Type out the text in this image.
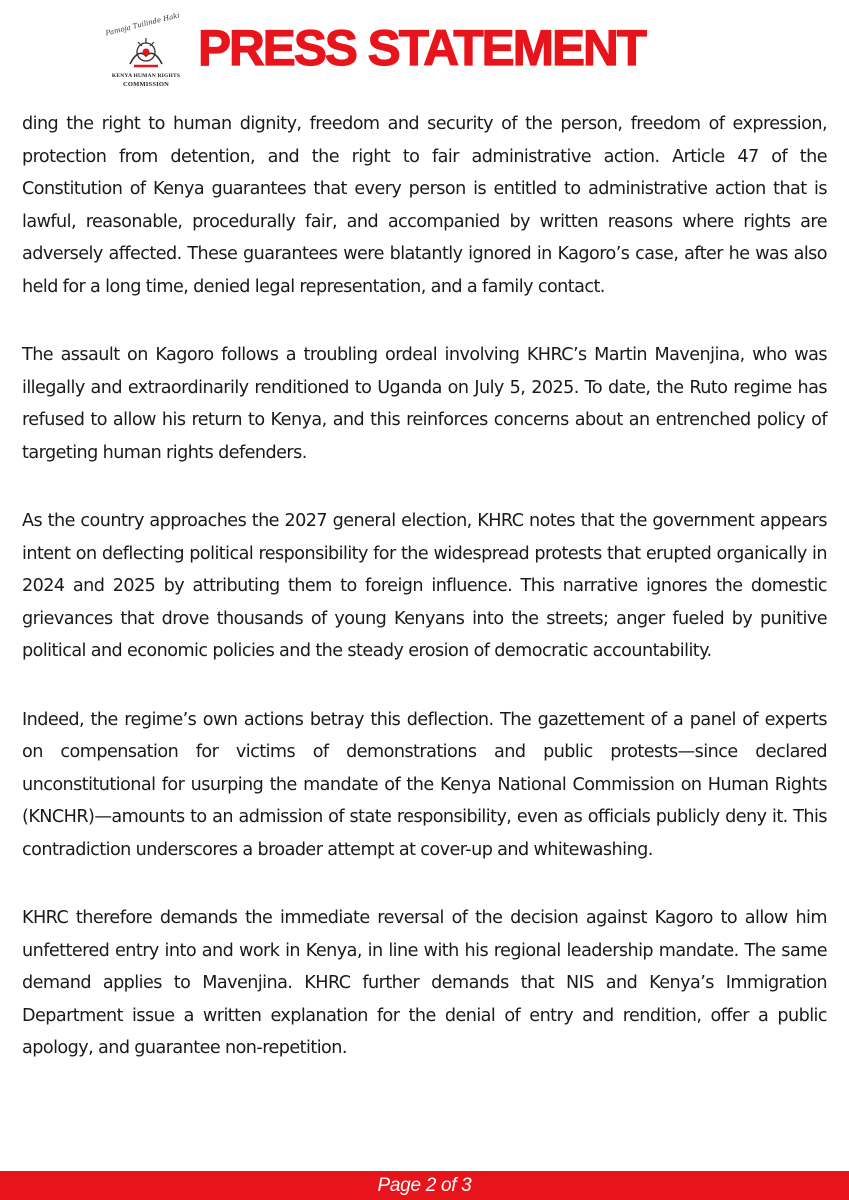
Pamoja Tuilinde Haki
KENYA HUMAN RIGHTS
COMMISSION
PRESS STATEMENT

ding the right to human dignity, freedom and security of the person, freedom of expression, protection from detention, and the right to fair administrative action. Article 47 of the Constitution of Kenya guarantees that every person is entitled to administrative action that is lawful, reasonable, procedurally fair, and accompanied by written reasons where rights are adversely affected. These guarantees were blatantly ignored in Kagoro’s case, after he was also held for a long time, denied legal representation, and a family contact.

The assault on Kagoro follows a troubling ordeal involving KHRC’s Martin Mavenjina, who was illegally and extraordinarily renditioned to Uganda on July 5, 2025. To date, the Ruto regime has refused to allow his return to Kenya, and this reinforces concerns about an entrenched policy of targeting human rights defenders.

As the country approaches the 2027 general election, KHRC notes that the government appears intent on deflecting political responsibility for the widespread protests that erupted organically in 2024 and 2025 by attributing them to foreign influence. This narrative ignores the domestic grievances that drove thousands of young Kenyans into the streets; anger fueled by punitive political and economic policies and the steady erosion of democratic accountability.

Indeed, the regime’s own actions betray this deflection. The gazettement of a panel of experts on compensation for victims of demonstrations and public protests—since declared unconstitutional for usurping the mandate of the Kenya National Commission on Human Rights (KNCHR)—amounts to an admission of state responsibility, even as officials publicly deny it. This contradiction underscores a broader attempt at cover-up and whitewashing.

KHRC therefore demands the immediate reversal of the decision against Kagoro to allow him unfettered entry into and work in Kenya, in line with his regional leadership mandate. The same demand applies to Mavenjina. KHRC further demands that NIS and Kenya’s Immigration Department issue a written explanation for the denial of entry and rendition, offer a public apology, and guarantee non-repetition.

Page 2 of 3
